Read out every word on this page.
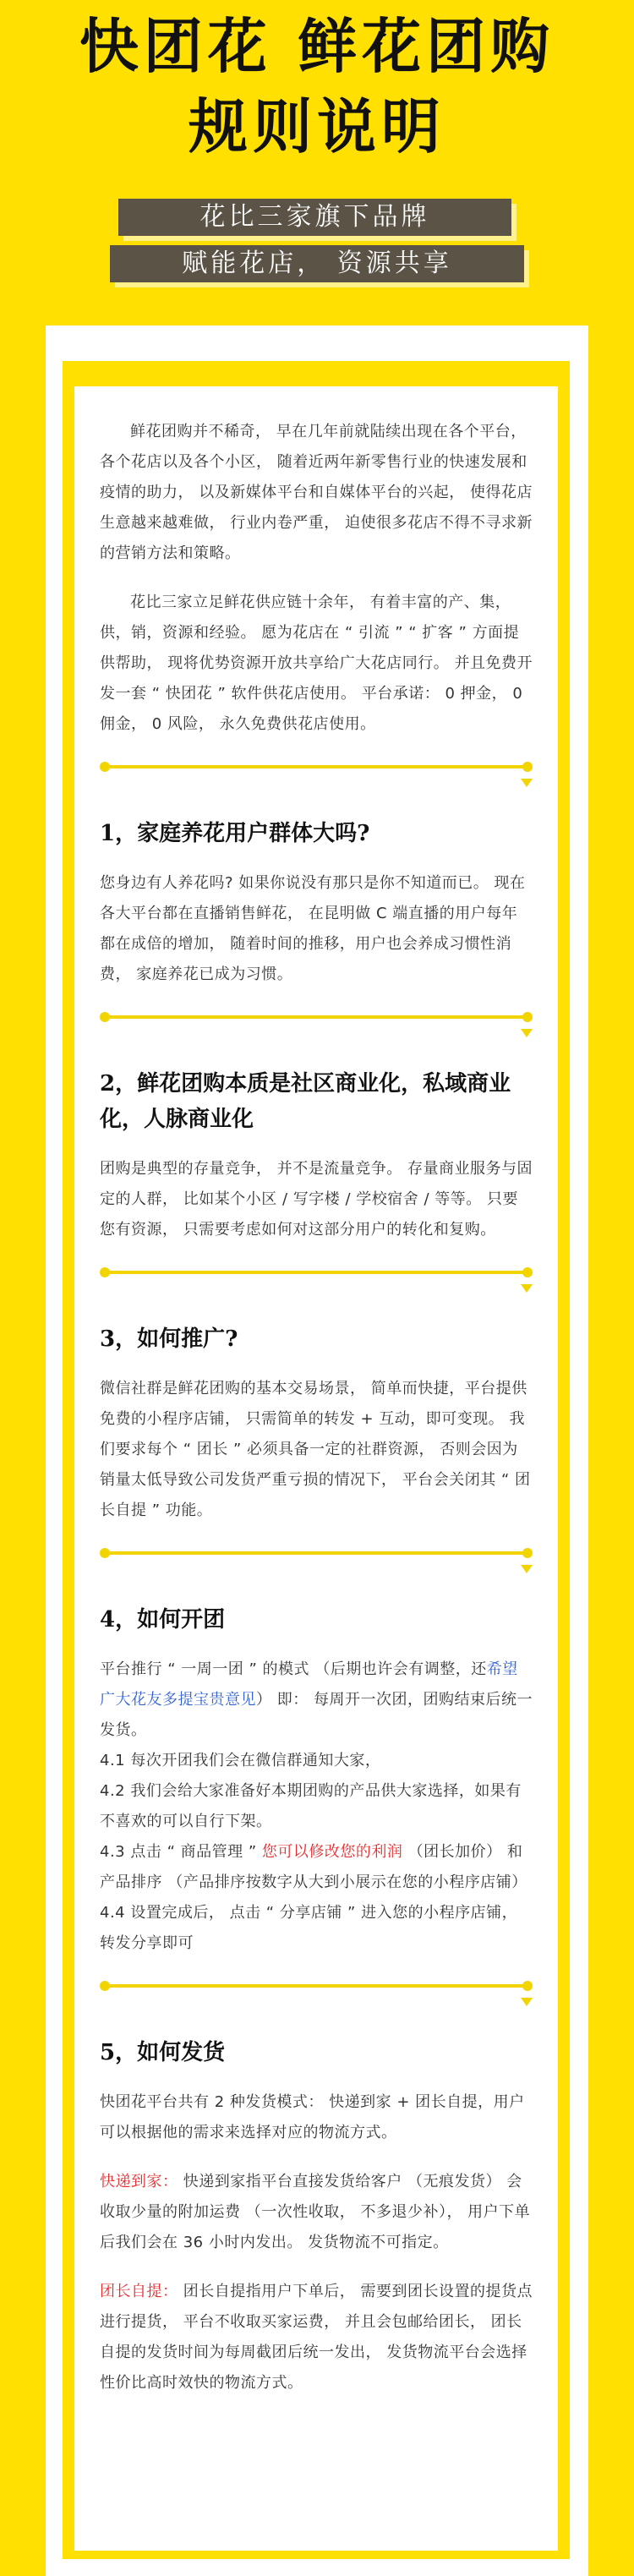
快团花 鲜花团购
规则说明
花比三家旗下品牌
赋能花店， 资源共享

鲜花团购并不稀奇， 早在几年前就陆续出现在各个平台， 各个花店以及各个小区， 随着近两年新零售行业的快速发展和疫情的助力， 以及新媒体平台和自媒体平台的兴起， 使得花店生意越来越难做， 行业内卷严重， 迫使很多花店不得不寻求新的营销方法和策略。

花比三家立足鲜花供应链十余年， 有着丰富的产、集，供，销，资源和经验。 愿为花店在 “ 引流 ” “ 扩客 ” 方面提供帮助， 现将优势资源开放共享给广大花店同行。 并且免费开发一套 “ 快团花 ” 软件供花店使用。 平台承诺： 0 押金， 0 佣金， 0 风险， 永久免费供花店使用。

1，家庭养花用户群体大吗?

您身边有人养花吗? 如果你说没有那只是你不知道而已。 现在各大平台都在直播销售鲜花， 在昆明做 C 端直播的用户每年都在成倍的增加， 随着时间的推移，用户也会养成习惯性消费， 家庭养花已成为习惯。

2，鲜花团购本质是社区商业化，私域商业化，人脉商业化

团购是典型的存量竞争， 并不是流量竞争。 存量商业服务与固定的人群， 比如某个小区 / 写字楼 / 学校宿舍 / 等等。 只要您有资源， 只需要考虑如何对这部分用户的转化和复购。

3，如何推广?

微信社群是鲜花团购的基本交易场景， 简单而快捷，平台提供免费的小程序店铺， 只需简单的转发 + 互动，即可变现。 我们要求每个 “ 团长 ” 必须具备一定的社群资源， 否则会因为销量太低导致公司发货严重亏损的情况下， 平台会关闭其 “ 团长自提 ” 功能。

4，如何开团

平台推行 “ 一周一团 ” 的模式 （后期也许会有调整，还希望广大花友多提宝贵意见） 即： 每周开一次团，团购结束后统一发货。

4.1 每次开团我们会在微信群通知大家，

4.2 我们会给大家准备好本期团购的产品供大家选择，如果有不喜欢的可以自行下架。

4.3 点击 “ 商品管理 ” 您可以修改您的利润 （团长加价） 和产品排序 （产品排序按数字从大到小展示在您的小程序店铺）

4.4 设置完成后， 点击 “ 分享店铺 ” 进入您的小程序店铺， 转发分享即可

5，如何发货

快团花平台共有 2 种发货模式： 快递到家 + 团长自提，用户可以根据他的需求来选择对应的物流方式。

快递到家： 快递到家指平台直接发货给客户 （无痕发货） 会收取少量的附加运费 （一次性收取， 不多退少补）， 用户下单后我们会在 36 小时内发出。 发货物流不可指定。

团长自提： 团长自提指用户下单后， 需要到团长设置的提货点进行提货， 平台不收取买家运费， 并且会包邮给团长， 团长自提的发货时间为每周截团后统一发出， 发货物流平台会选择性价比高时效快的物流方式。
